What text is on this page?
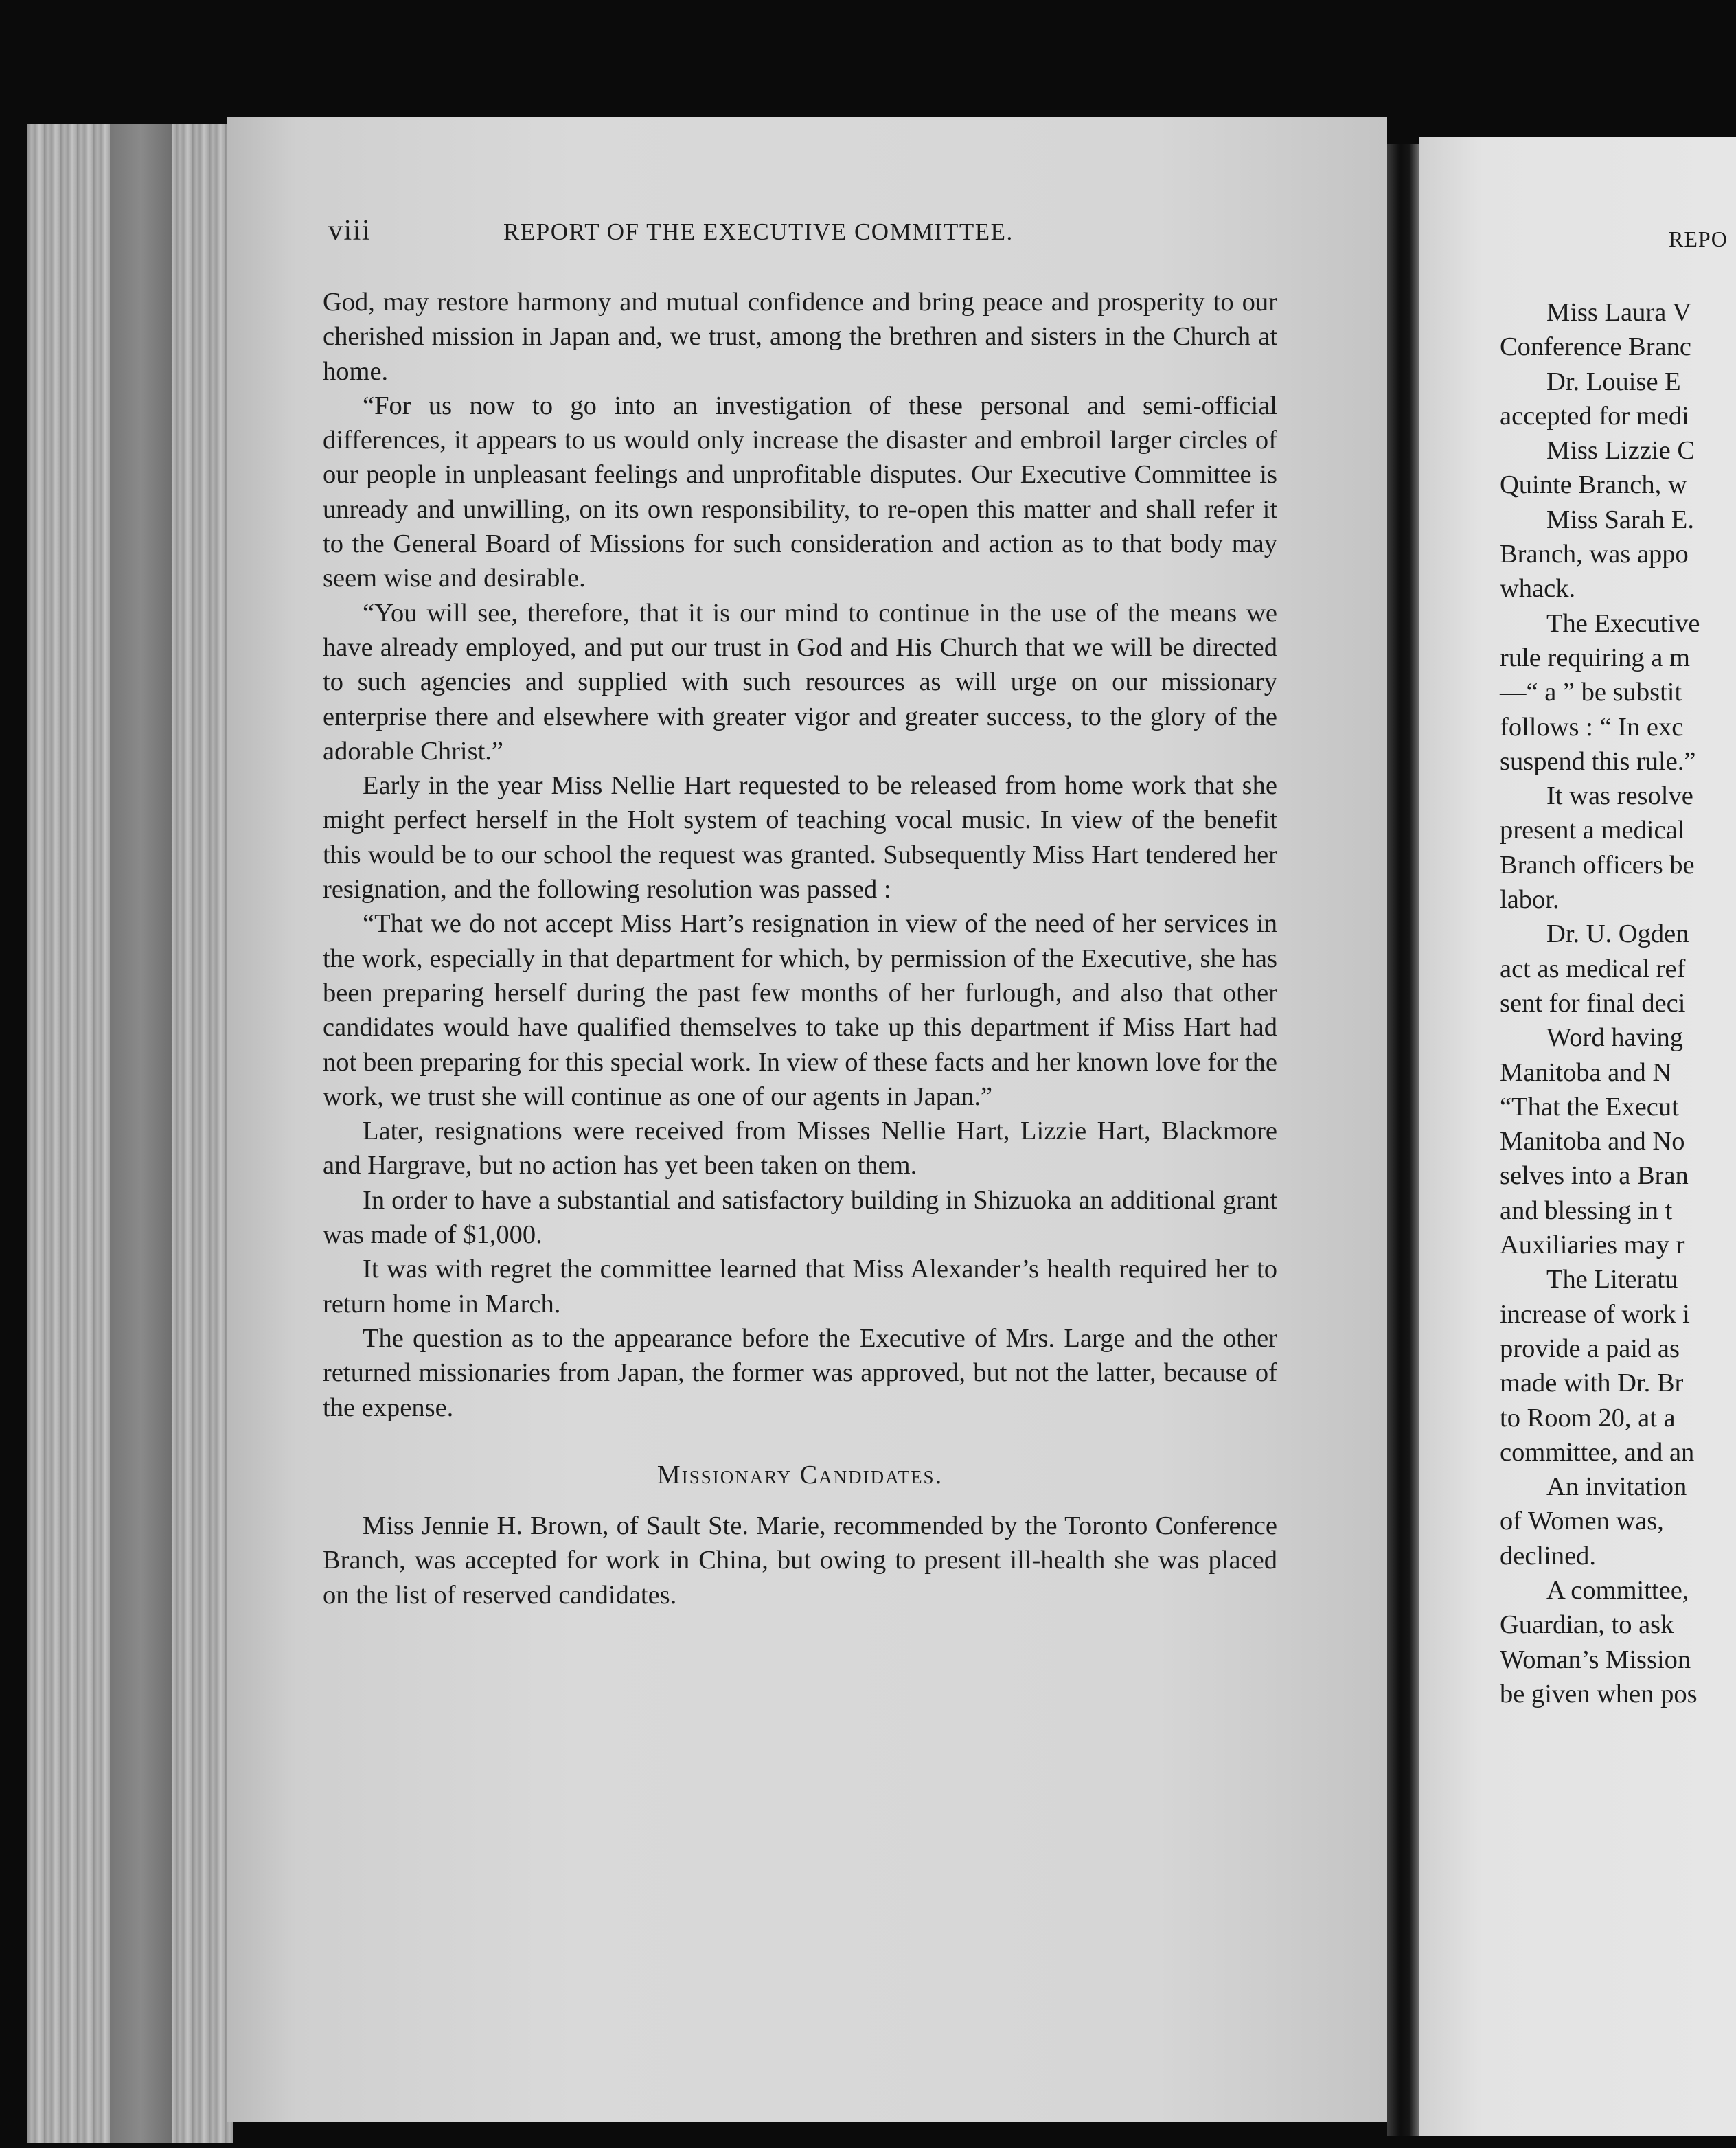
viii	REPORT OF THE EXECUTIVE COMMITTEE.

God, may restore harmony and mutual confidence and bring peace and prosperity to our cherished mission in Japan and, we trust, among the brethren and sisters in the Church at home.

“For us now to go into an investigation of these personal and semi-official differences, it appears to us would only increase the disaster and embroil larger circles of our people in unpleasant feelings and unprofitable disputes. Our Executive Committee is unready and unwilling, on its own responsibility, to re-open this matter and shall refer it to the General Board of Missions for such consideration and action as to that body may seem wise and desirable.

“You will see, therefore, that it is our mind to continue in the use of the means we have already employed, and put our trust in God and His Church that we will be directed to such agencies and supplied with such resources as will urge on our missionary enterprise there and elsewhere with greater vigor and greater success, to the glory of the adorable Christ.”

Early in the year Miss Nellie Hart requested to be released from home work that she might perfect herself in the Holt system of teaching vocal music. In view of the benefit this would be to our school the request was granted. Subsequently Miss Hart tendered her resignation, and the following resolution was passed :

“That we do not accept Miss Hart’s resignation in view of the need of her services in the work, especially in that department for which, by permission of the Executive, she has been preparing herself during the past few months of her furlough, and also that other candidates would have qualified themselves to take up this department if Miss Hart had not been preparing for this special work. In view of these facts and her known love for the work, we trust she will continue as one of our agents in Japan.”

Later, resignations were received from Misses Nellie Hart, Lizzie Hart, Blackmore and Hargrave, but no action has yet been taken on them.

In order to have a substantial and satisfactory building in Shizuoka an additional grant was made of $1,000.

It was with regret the committee learned that Miss Alexander’s health required her to return home in March.

The question as to the appearance before the Executive of Mrs. Large and the other returned missionaries from Japan, the former was approved, but not the latter, because of the expense.

Missionary Candidates.

Miss Jennie H. Brown, of Sault Ste. Marie, recommended by the Toronto Conference Branch, was accepted for work in China, but owing to present ill-health she was placed on the list of reserved candidates.

REPO
Miss Laura V
Conference Branc
Dr. Louise E
accepted for medi
Miss Lizzie C
Quinte Branch, w
Miss Sarah E.
Branch, was appo
whack.
The Executive
rule requiring a m
—“ a ” be substit
follows : “ In exc
suspend this rule.”
It was resolve
present a medical
Branch officers be
labor.
Dr. U. Ogden
act as medical ref
sent for final deci
Word having
Manitoba and N
“That the Execut
Manitoba and No
selves into a Bran
and blessing in t
Auxiliaries may r
The Literatu
increase of work i
provide a paid as
made with Dr. Br
to Room 20, at a
committee, and an
An invitation
of Women was,
declined.
A committee,
Guardian, to ask
Woman’s Mission
be given when pos
